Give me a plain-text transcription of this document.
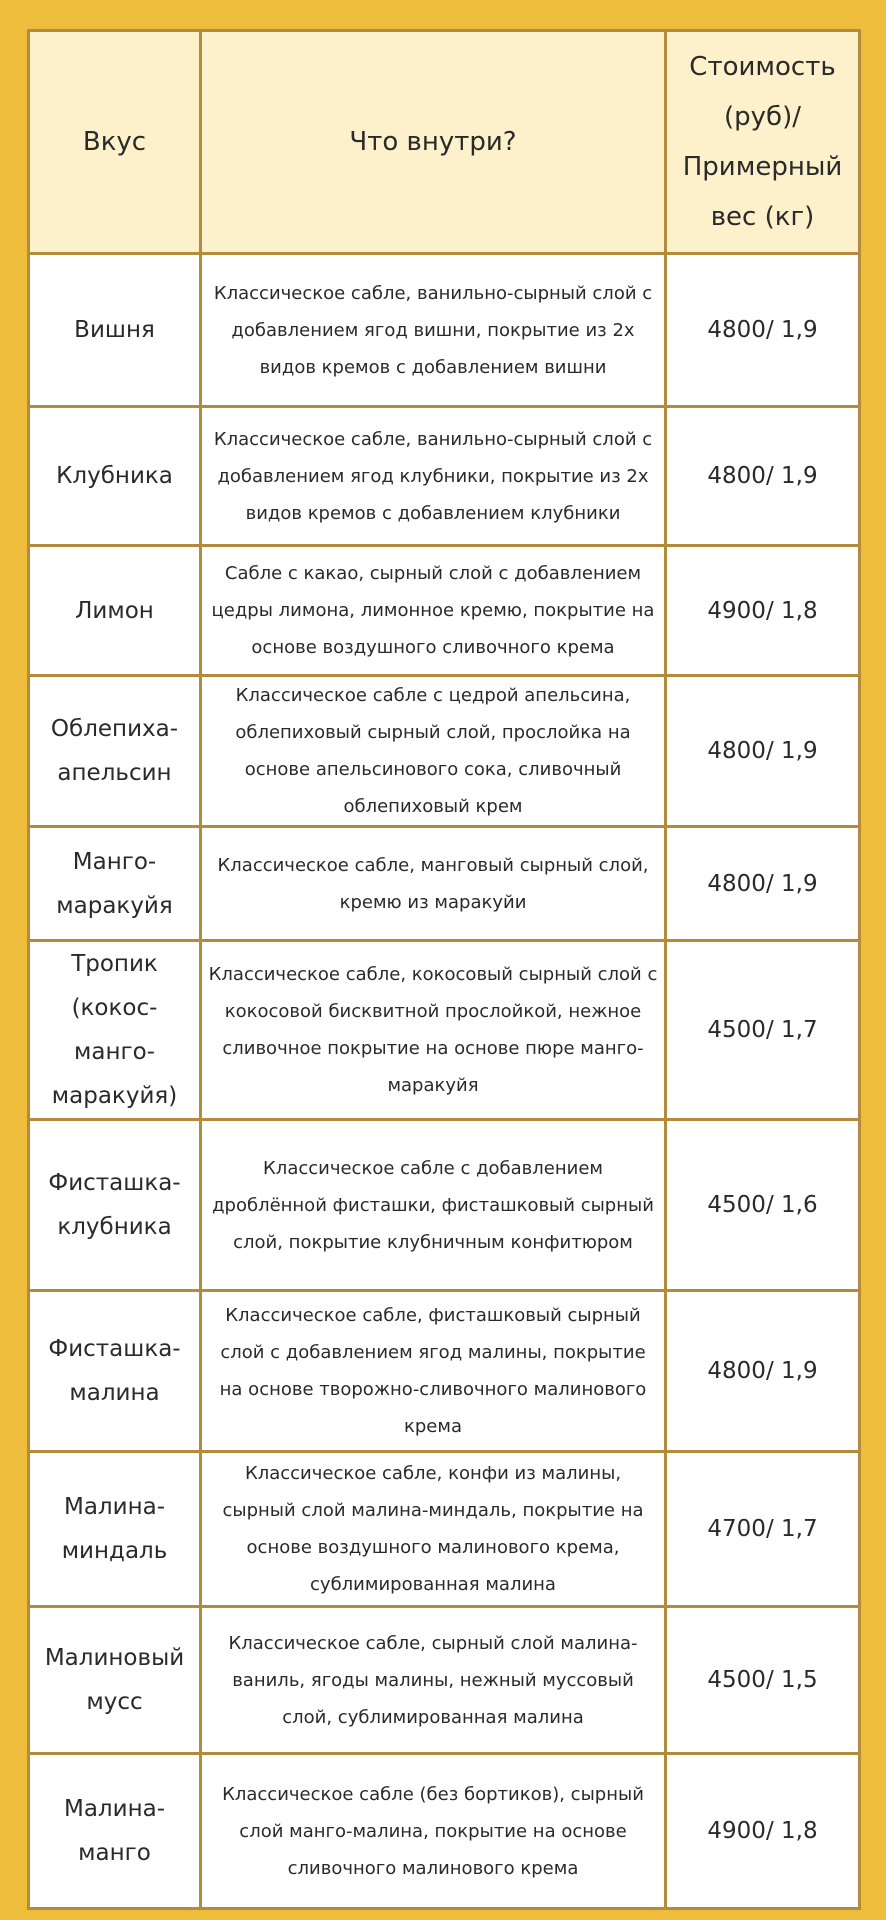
Вкус	Что внутри?	Стоимость (руб)/ Примерный вес (кг)
Вишня	Классическое сабле, ванильно-сырный слой с добавлением ягод вишни, покрытие из 2х видов кремов с добавлением вишни	4800/ 1,9
Клубника	Классическое сабле, ванильно-сырный слой с добавлением ягод клубники, покрытие из 2х видов кремов с добавлением клубники	4800/ 1,9
Лимон	Сабле с какао, сырный слой с добавлением цедры лимона, лимонное кремю, покрытие на основе воздушного сливочного крема	4900/ 1,8
Облепиха-апельсин	Классическое сабле с цедрой апельсина, облепиховый сырный слой, прослойка на основе апельсинового сока, сливочный облепиховый крем	4800/ 1,9
Манго-маракуйя	Классическое сабле, манговый сырный слой, кремю из маракуйи	4800/ 1,9
Тропик (кокос-манго-маракуйя)	Классическое сабле, кокосовый сырный слой с кокосовой бисквитной прослойкой, нежное сливочное покрытие на основе пюре манго-маракуйя	4500/ 1,7
Фисташка-клубника	Классическое сабле с добавлением дроблённой фисташки, фисташковый сырный слой, покрытие клубничным конфитюром	4500/ 1,6
Фисташка-малина	Классическое сабле, фисташковый сырный слой с добавлением ягод малины, покрытие на основе творожно-сливочного малинового крема	4800/ 1,9
Малина-миндаль	Классическое сабле, конфи из малины, сырный слой малина-миндаль, покрытие на основе воздушного малинового крема, сублимированная малина	4700/ 1,7
Малиновый мусс	Классическое сабле, сырный слой малина-ваниль, ягоды малины, нежный муссовый слой, сублимированная малина	4500/ 1,5
Малина-манго	Классическое сабле (без бортиков), сырный слой манго-малина, покрытие на основе сливочного малинового крема	4900/ 1,8
